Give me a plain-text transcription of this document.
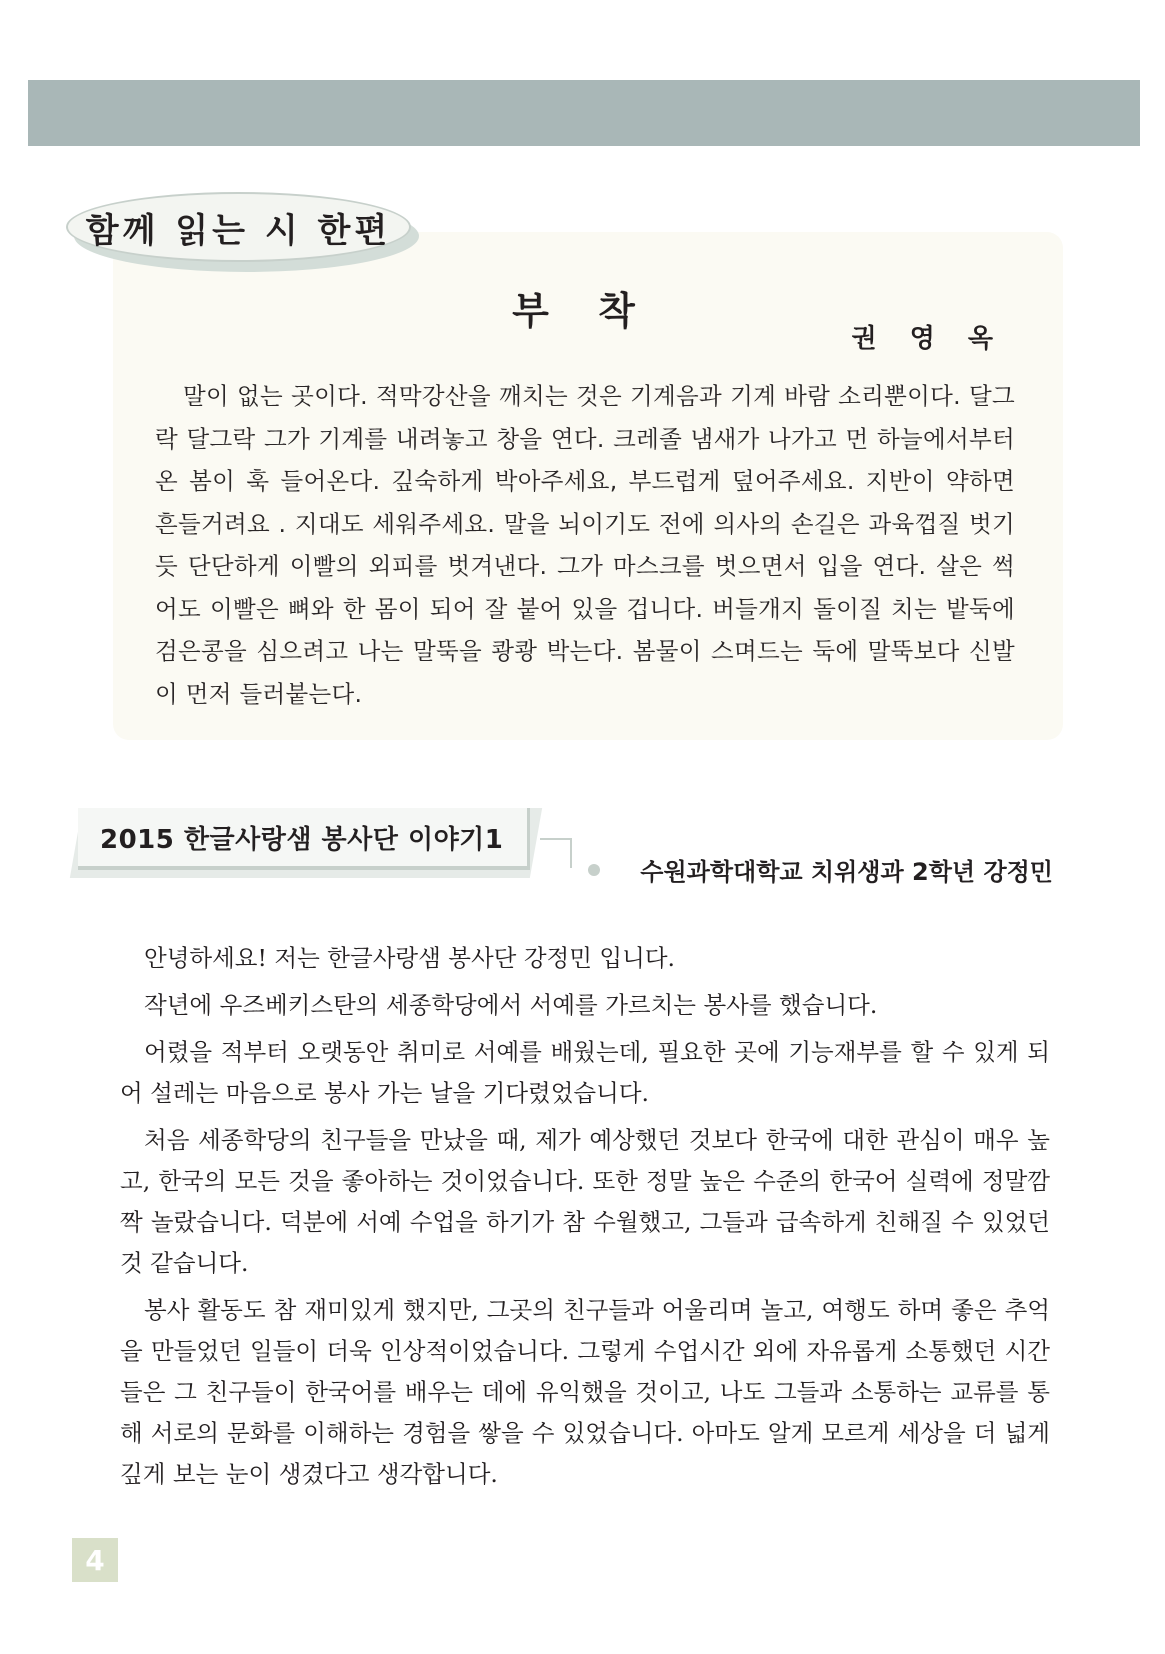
함께 읽는 시 한편
부 착
권 영 옥
말이 없는 곳이다. 적막강산을 깨치는 것은 기계음과 기계 바람 소리뿐이다. 달그락 달그락 그가 기계를 내려놓고 창을 연다. 크레졸 냄새가 나가고 먼 하늘에서부터 온 봄이 훅 들어온다. 깊숙하게 박아주세요, 부드럽게 덮어주세요. 지반이 약하면 흔들거려요 . 지대도 세워주세요. 말을 뇌이기도 전에 의사의 손길은 과육껍질 벗기듯 단단하게 이빨의 외피를 벗겨낸다. 그가 마스크를 벗으면서 입을 연다. 살은 썩어도 이빨은 뼈와 한 몸이 되어 잘 붙어 있을 겁니다. 버들개지 돌이질 치는 밭둑에 검은콩을 심으려고 나는 말뚝을 쾅쾅 박는다. 봄물이 스며드는 둑에 말뚝보다 신발이 먼저 들러붙는다.
2015 한글사랑샘 봉사단 이야기1
수원과학대학교 치위생과 2학년 강정민

안녕하세요! 저는 한글사랑샘 봉사단 강정민 입니다.

작년에 우즈베키스탄의 세종학당에서 서예를 가르치는 봉사를 했습니다.

어렸을 적부터 오랫동안 취미로 서예를 배웠는데, 필요한 곳에 기능재부를 할 수 있게 되어 설레는 마음으로 봉사 가는 날을 기다렸었습니다.

처음 세종학당의 친구들을 만났을 때, 제가 예상했던 것보다 한국에 대한 관심이 매우 높고, 한국의 모든 것을 좋아하는 것이었습니다. 또한 정말 높은 수준의 한국어 실력에 정말깜짝 놀랐습니다. 덕분에 서예 수업을 하기가 참 수월했고, 그들과 급속하게 친해질 수 있었던 것 같습니다.

봉사 활동도 참 재미있게 했지만, 그곳의 친구들과 어울리며 놀고, 여행도 하며 좋은 추억을 만들었던 일들이 더욱 인상적이었습니다. 그렇게 수업시간 외에 자유롭게 소통했던 시간들은 그 친구들이 한국어를 배우는 데에 유익했을 것이고, 나도 그들과 소통하는 교류를 통해 서로의 문화를 이해하는 경험을 쌓을 수 있었습니다. 아마도 알게 모르게 세상을 더 넓게 깊게 보는 눈이 생겼다고 생각합니다.

4
